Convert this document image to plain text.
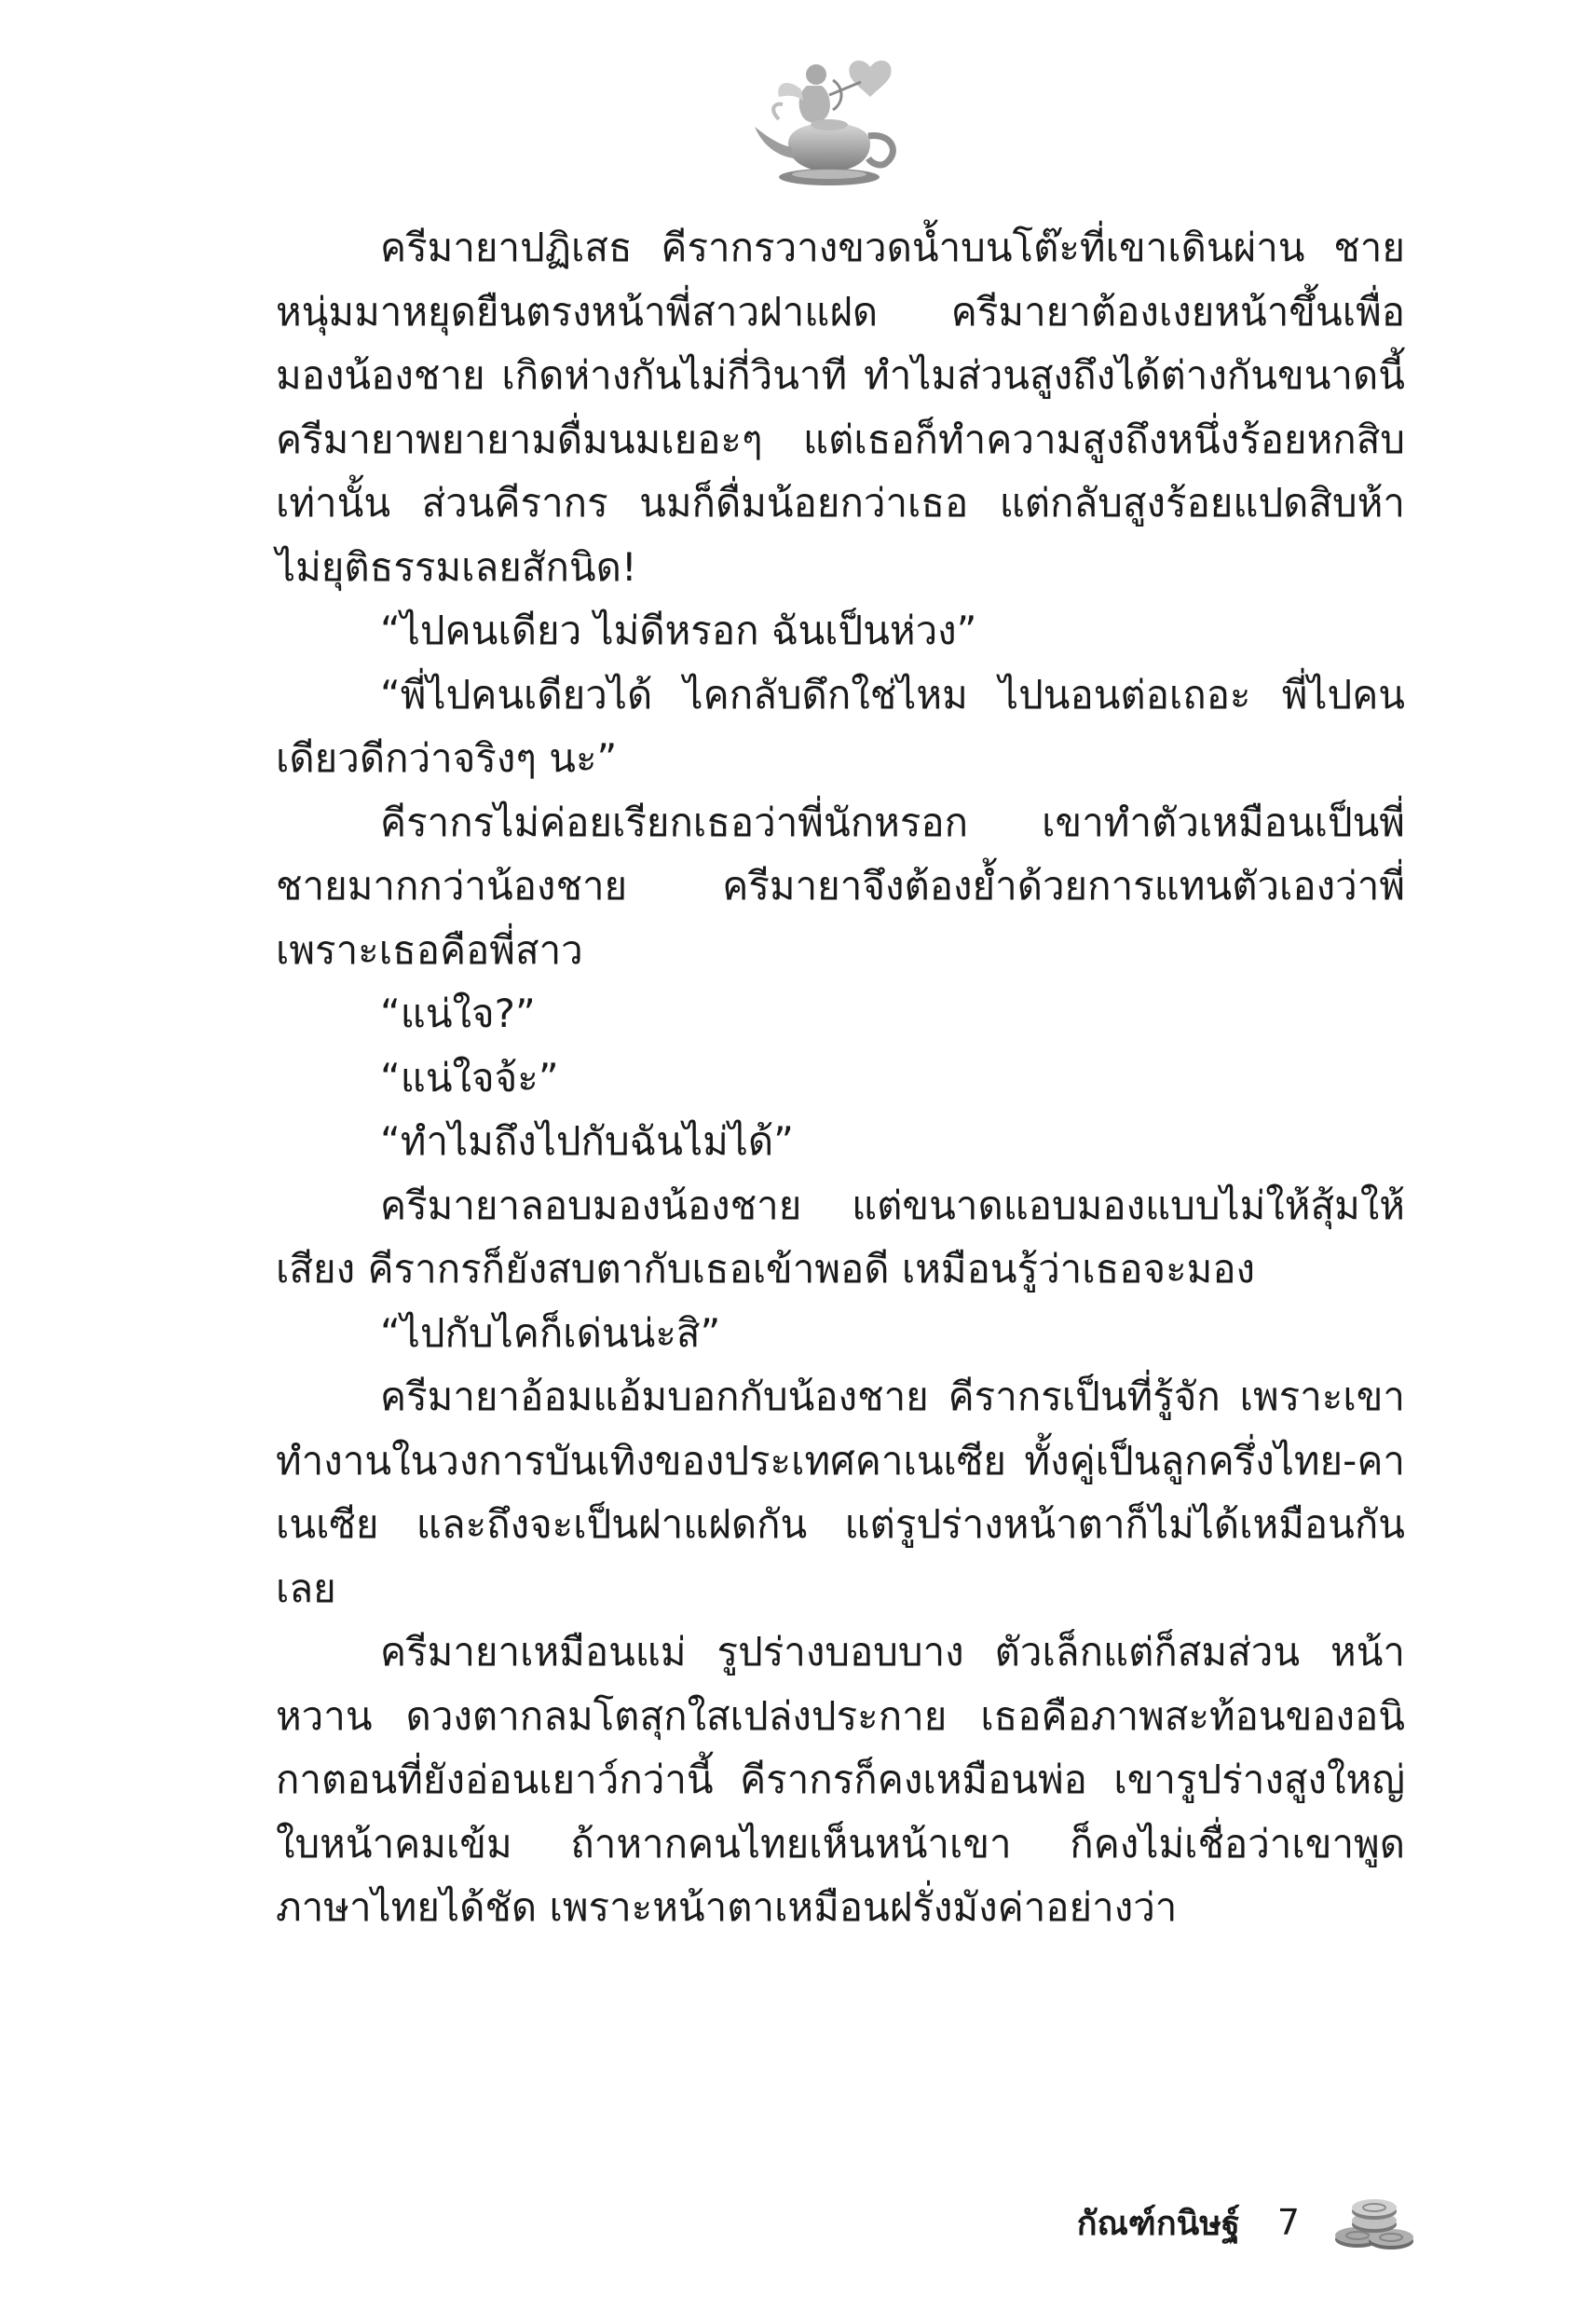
ครีมายาปฏิเสธ คีรากรวางขวดน้ำบนโต๊ะที่เขาเดินผ่าน ชายหนุ่มมาหยุดยืนตรงหน้าพี่สาวฝาแฝด ครีมายาต้องเงยหน้าขึ้นเพื่อมองน้องชาย เกิดห่างกันไม่กี่วินาที ทำไมส่วนสูงถึงได้ต่างกันขนาดนี้ ครีมายาพยายามดื่มนมเยอะๆ แต่เธอก็ทำความสูงถึงหนึ่งร้อยหกสิบเท่านั้น ส่วนคีรากร นมก็ดื่มน้อยกว่าเธอ แต่กลับสูงร้อยแปดสิบห้า ไม่ยุติธรรมเลยสักนิด!

“ไปคนเดียว ไม่ดีหรอก ฉันเป็นห่วง”

“พี่ไปคนเดียวได้ ไคกลับดึกใช่ไหม ไปนอนต่อเถอะ พี่ไปคนเดียวดีกว่าจริงๆ นะ”

คีรากรไม่ค่อยเรียกเธอว่าพี่นักหรอก เขาทำตัวเหมือนเป็นพี่ชายมากกว่าน้องชาย ครีมายาจึงต้องย้ำด้วยการแทนตัวเองว่าพี่ เพราะเธอคือพี่สาว

“แน่ใจ?”

“แน่ใจจ้ะ”

“ทำไมถึงไปกับฉันไม่ได้”

ครีมายาลอบมองน้องชาย แต่ขนาดแอบมองแบบไม่ให้สุ้มให้เสียง คีรากรก็ยังสบตากับเธอเข้าพอดี เหมือนรู้ว่าเธอจะมอง

“ไปกับไคก็เด่นน่ะสิ”

ครีมายาอ้อมแอ้มบอกกับน้องชาย คีรากรเป็นที่รู้จัก เพราะเขาทำงานในวงการบันเทิงของประเทศคาเนเซีย ทั้งคู่เป็นลูกครึ่งไทย-คาเนเซีย และถึงจะเป็นฝาแฝดกัน แต่รูปร่างหน้าตาก็ไม่ได้เหมือนกันเลย

ครีมายาเหมือนแม่ รูปร่างบอบบาง ตัวเล็กแต่ก็สมส่วน หน้าหวาน ดวงตากลมโตสุกใสเปล่งประกาย เธอคือภาพสะท้อนของอนิกาตอนที่ยังอ่อนเยาว์กว่านี้ คีรากรก็คงเหมือนพ่อ เขารูปร่างสูงใหญ่ ใบหน้าคมเข้ม ถ้าหากคนไทยเห็นหน้าเขา ก็คงไม่เชื่อว่าเขาพูดภาษาไทยได้ชัด เพราะหน้าตาเหมือนฝรั่งมังค่าอย่างว่า

กัณฑ์กนิษฐ์ 7
